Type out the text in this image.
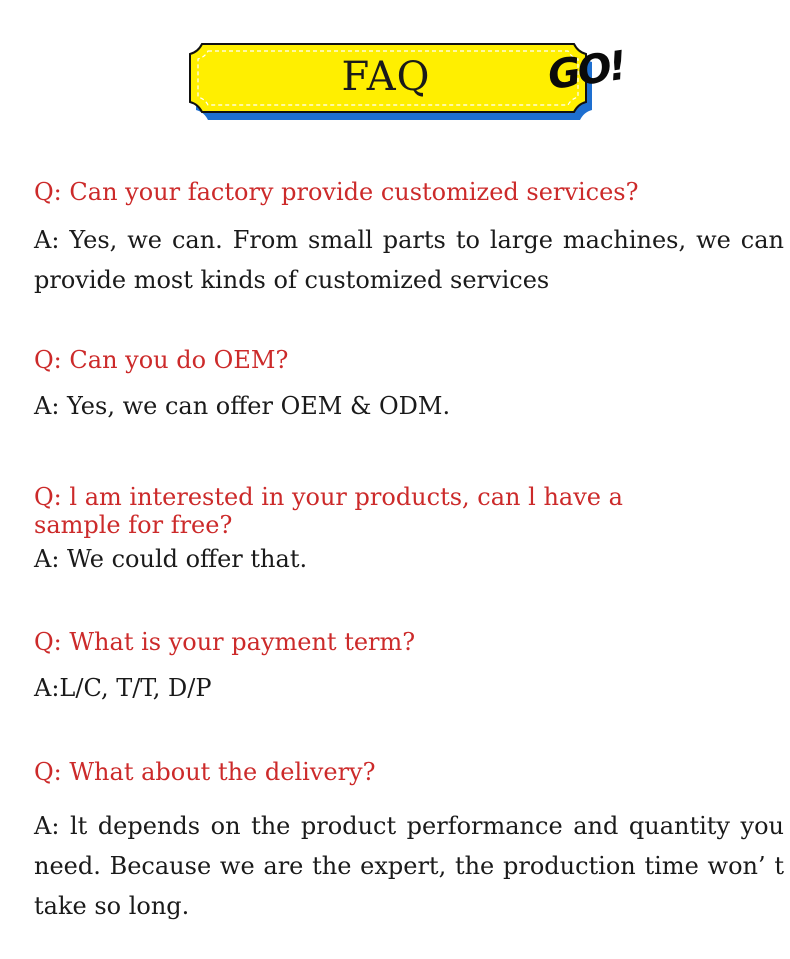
FAQ	GO!

Q: Can your factory provide customized services?

A: Yes, we can. From small parts to large machines, we can provide most kinds of customized services

Q: Can you do OEM?

A: Yes, we can offer OEM & ODM.

Q: l am interested in your products, can l have a sample for free?

A: We could offer that.

Q: What is your payment term?

A:L/C, T/T, D/P

Q: What about the delivery?

A: lt depends on the product performance and quantity you need. Because we are the expert, the production time won’ t take so long.
